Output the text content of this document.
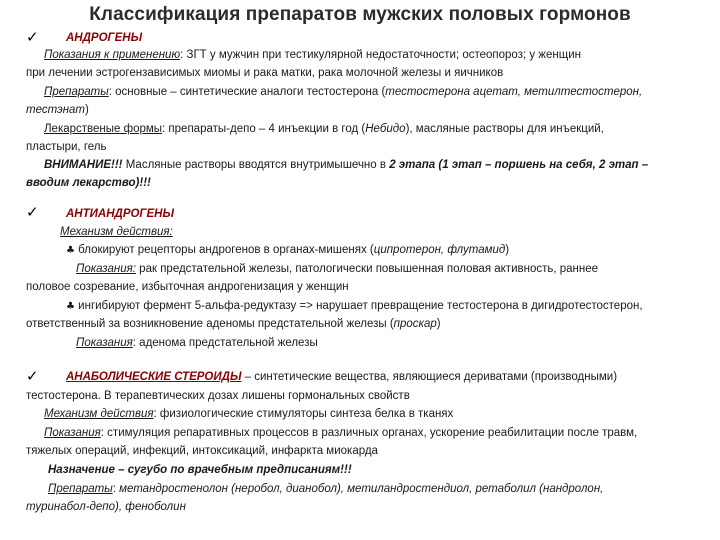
Классификация препаратов мужских половых гормонов
✓ АНДРОГЕНЫ
Показания к применению: ЗГТ у мужчин при тестикулярной недостаточности; остеопороз; у женщин
при лечении эстрогензависимых миомы и рака матки, рака молочной железы и яичников
Препараты: основные – синтетические аналоги тестостерона (тестостерона ацетат, метилтестостерон,
тестэнат)
Лекарственые формы: препараты-депо – 4 инъекции в год (Небидо), масляные растворы для инъекций,
пластыри, гель
ВНИМАНИЕ!!! Масляные растворы вводятся внутримышечно в 2 этапа (1 этап – поршень на себя, 2 этап –
вводим лекарство)!!!
✓ АНТИАНДРОГЕНЫ
Механизм действия:
♣ блокируют рецепторы андрогенов в органах-мишенях (ципротерон, флутамид)
Показания: рак предстательной железы, патологически повышенная половая активность, раннее
половое созревание, избыточная андрогенизация у женщин
♣ ингибируют фермент 5-альфа-редуктазу => нарушает превращение тестостерона в дигидротестостерон,
ответственный за возникновение аденомы предстательной железы (проскар)
Показания: аденома предстательной железы
✓ АНАБОЛИЧЕСКИЕ СТЕРОИДЫ – синтетические вещества, являющиеся дериватами (производными)
тестостерона. В терапевтических дозах лишены гормональных свойств
Механизм действия: физиологические стимуляторы синтеза белка в тканях
Показания: стимуляция репаративных процессов в различных органах, ускорение реабилитации после травм,
тяжелых операций, инфекций, интоксикаций, инфаркта миокарда
Назначение – сугубо по врачебным предписаниям!!!
Препараты: метандростенолон (неробол, дианобол), метиландростендиол, ретаболил (нандролон,
туринабол-депо), феноболин
